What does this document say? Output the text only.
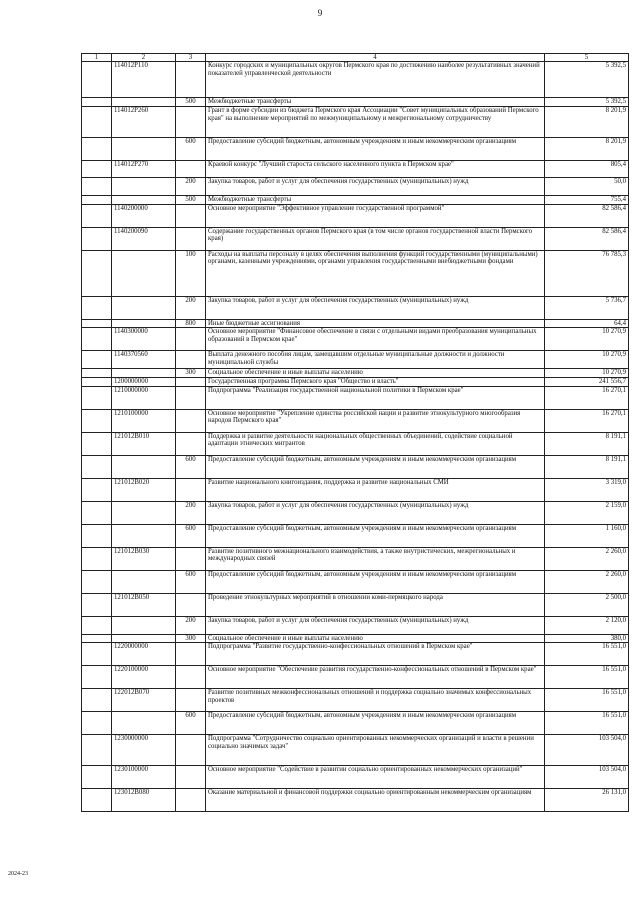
9
1	2	3	4	5
	114012P110		Конкурс городских и муниципальных округов Пермского края по достижению наиболее результативных значений показателей управленческой деятельности	5 392,5
		500	Межбюджетные трансферты	5 392,5
	114012P260		Грант в форме субсидии из бюджета Пермского края Ассоциации "Совет муниципальных образований Пермского края" на выполнение мероприятий по межмуниципальному и межрегиональному сотрудничеству	8 201,9
		600	Предоставление субсидий бюджетным, автономным учреждениям и иным некоммерческим организациям	8 201,9
	114012P270		Краевой конкурс "Лучший староста сельского населенного пункта в Пермском крае"	805,4
		200	Закупка товаров, работ и услуг для обеспечения государственных (муниципальных) нужд	50,0
		500	Межбюджетные трансферты	755,4
	1140200000		Основное мероприятие "Эффективное управление государственной программой"	82 586,4
	1140200090		Содержание государственных органов Пермского края (в том числе органов государственной власти Пермского края)	82 586,4
		100	Расходы на выплаты персоналу в целях обеспечения выполнения функций государственными (муниципальными) органами, казенными учреждениями, органами управления государственными внебюджетными фондами	76 785,3
		200	Закупка товаров, работ и услуг для обеспечения государственных (муниципальных) нужд	5 736,7
		800	Иные бюджетные ассигнования	64,4
	1140300000		Основное мероприятие "Финансовое обеспечение в связи с отдельными видами преобразования муниципальных образований в Пермском крае"	10 270,9
	1140370560		Выплата денежного пособия лицам, замещавшим отдельные муниципальные должности и должности муниципальной службы	10 270,9
		300	Социальное обеспечение и иные выплаты населению	10 270,9
	1200000000		Государственная программа Пермского края "Общество и власть"	241 556,7
	1210000000		Подпрограмма "Реализация государственной национальной политики в Пермском крае"	16 270,1
	1210100000		Основное мероприятие "Укрепление единства российской нации и развитие этнокультурного многообразия народов Пермского края"	16 270,1
	121012B010		Поддержка и развитие деятельности национальных общественных объединений, содействие социальной адаптации этнических мигрантов	8 191,1
		600	Предоставление субсидий бюджетным, автономным учреждениям и иным некоммерческим организациям	8 191,1
	121012B020		Развитие национального книгоиздания, поддержка и развитие национальных СМИ	3 319,0
		200	Закупка товаров, работ и услуг для обеспечения государственных (муниципальных) нужд	2 159,0
		600	Предоставление субсидий бюджетным, автономным учреждениям и иным некоммерческим организациям	1 160,0
	121012B030		Развитие позитивного межнационального взаимодействия, а также внутристических, межрегиональных и международных связей	2 260,0
		600	Предоставление субсидий бюджетным, автономным учреждениям и иным некоммерческим организациям	2 260,0
	121012B050		Проведение этнокультурных мероприятий в отношении коми-пермяцкого народа	2 500,0
		200	Закупка товаров, работ и услуг для обеспечения государственных (муниципальных) нужд	2 120,0
		300	Социальное обеспечение и иные выплаты населению	380,0
	1220000000		Подпрограмма "Развитие государственно-конфессиональных отношений в Пермском крае"	16 551,0
	1220100000		Основное мероприятие "Обеспечение развития государственно-конфессиональных отношений в Пермском крае"	16 551,0
	122012B070		Развитие позитивных межконфессиональных отношений и поддержка социально значимых конфессиональных проектов	16 551,0
		600	Предоставление субсидий бюджетным, автономным учреждениям и иным некоммерческим организациям	16 551,0
	1230000000		Подпрограмма "Сотрудничество социально ориентированных некоммерческих организаций и власти в решении социально значимых задач"	103 504,0
	1230100000		Основное мероприятие "Содействие в развитии социально ориентированных некоммерческих организаций"	103 504,0
	123012B080		Оказание материальной и финансовой поддержки социально ориентированным некоммерческим организациям	26 131,0
2024-23
